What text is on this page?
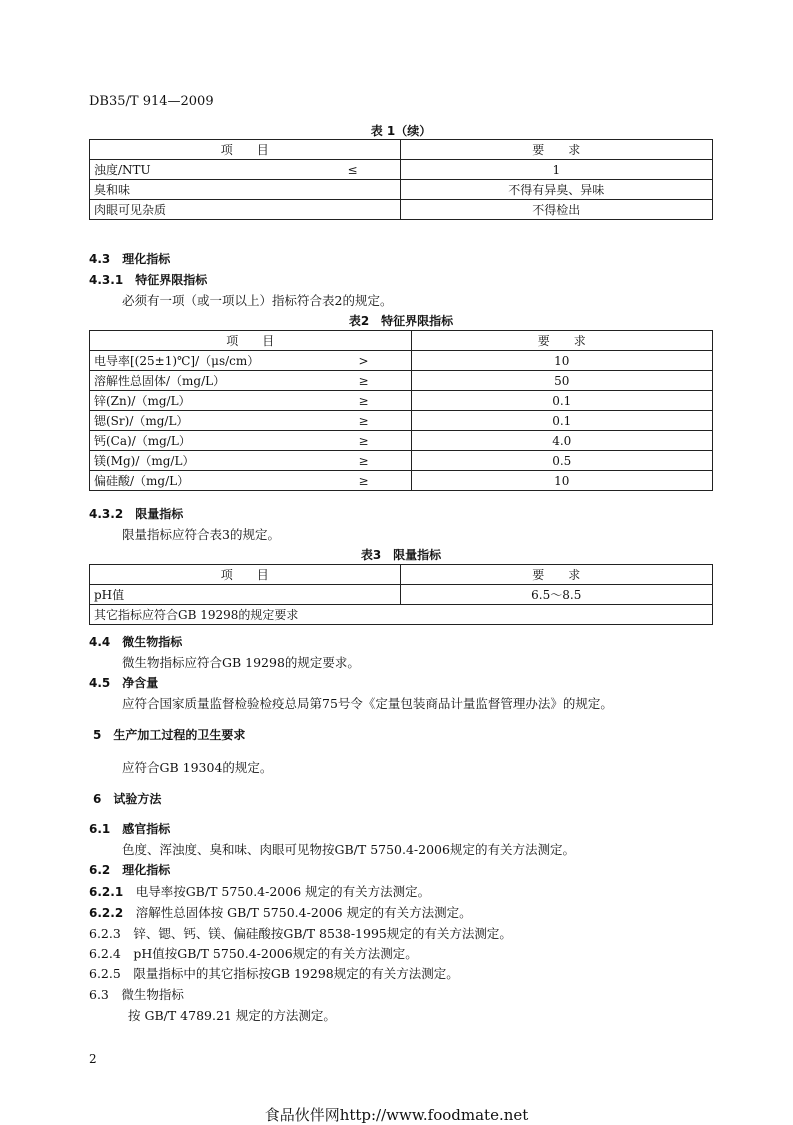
DB35/T 914—2009
表 1（续）
项　　目	要　　求

浊度/NTU ≤	1
臭和味	不得有异臭、异味
肉眼可见杂质	不得检出
4.3　 理化指标
4.3.1　 特征界限指标
必须有一项（或一项以上）指标符合表2的规定。
表2　特征界限指标
项　　目	要　　求

电导率[(25±1)℃]/（μs/cm） >	10

溶解性总固体/（mg/L） ≥	50

锌(Zn)/（mg/L） ≥	0.1

锶(Sr)/（mg/L） ≥	0.1

钙(Ca)/（mg/L） ≥	4.0

镁(Mg)/（mg/L） ≥	0.5

偏硅酸/（mg/L） ≥	10
4.3.2　 限量指标
限量指标应符合表3的规定。
表3　限量指标
项　　目	要　　求
pH值	6.5～8.5
其它指标应符合GB 19298的规定要求	
4.4　 微生物指标
微生物指标应符合GB 19298的规定要求。
4.5　 净含量
应符合国家质量监督检验检疫总局第75号令《定量包装商品计量监督管理办法》的规定。
5　 生产加工过程的卫生要求
应符合GB 19304的规定。
6　 试验方法
6.1　 感官指标
色度、浑浊度、臭和味、肉眼可见物按GB/T 5750.4-2006规定的有关方法测定。
6.2　 理化指标
6.2.1　 电导率按GB/T 5750.4-2006 规定的有关方法测定。
6.2.2　 溶解性总固体按 GB/T 5750.4-2006 规定的有关方法测定。
6.2.3　 锌、锶、钙、镁、偏硅酸按GB/T 8538-1995规定的有关方法测定。
6.2.4　 pH值按GB/T 5750.4-2006规定的有关方法测定。
6.2.5　 限量指标中的其它指标按GB 19298规定的有关方法测定。
6.3　 微生物指标
按 GB/T 4789.21 规定的方法测定。
2
食品伙伴网http://www.foodmate.net
